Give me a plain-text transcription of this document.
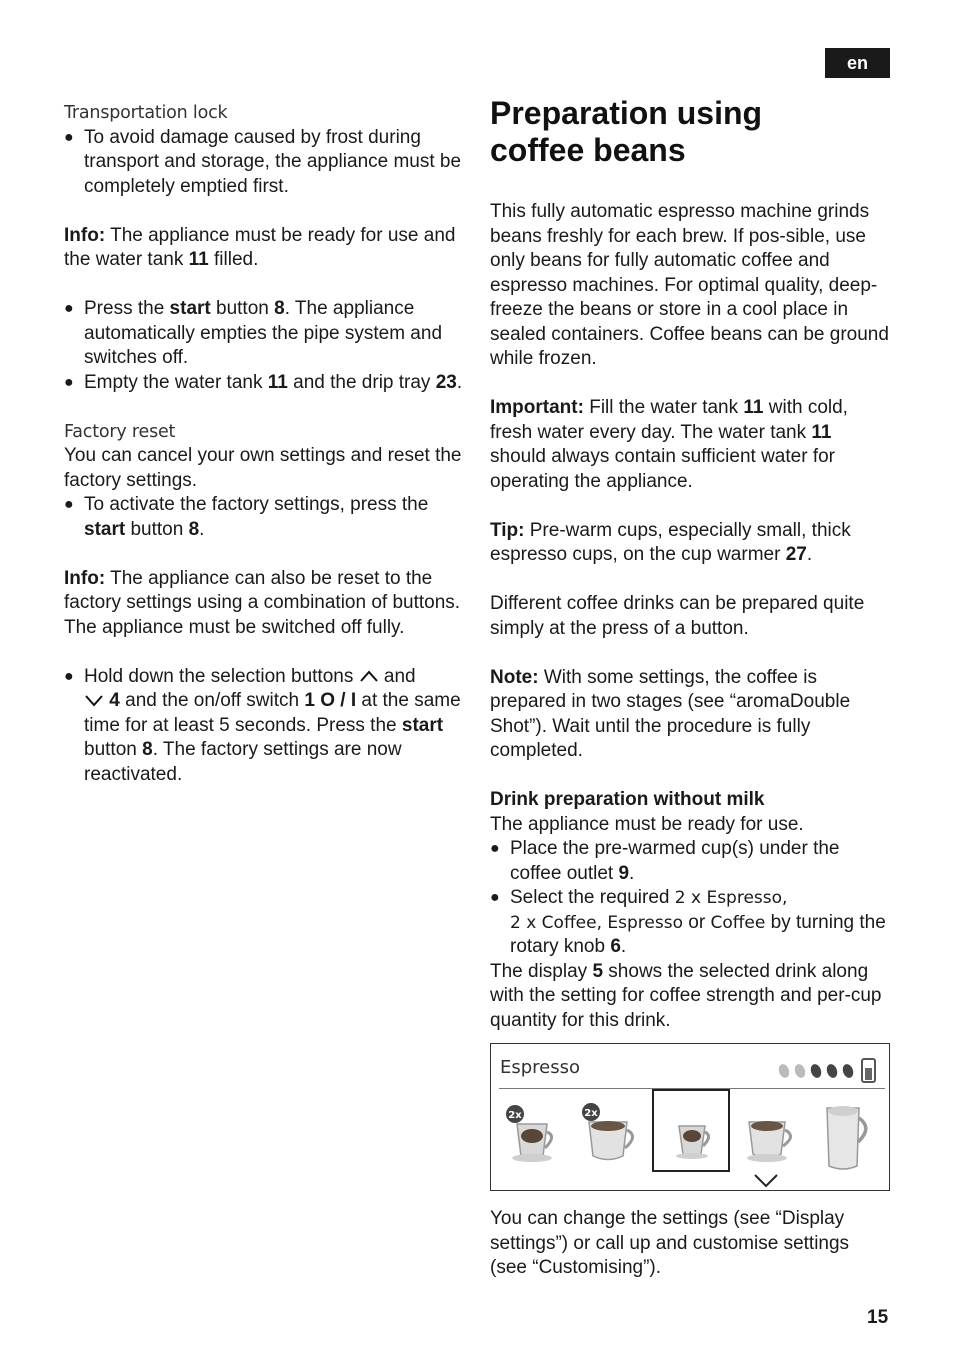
en
Transportation lock
● To avoid damage caused by frost during transport and storage, the appliance must be completely emptied first.

Info: The appliance must be ready for use and the water tank 11 filled.

● Press the start button 8. The appliance automatically empties the pipe system and switches off.
● Empty the water tank 11 and the drip tray 23.
Factory reset

You can cancel your own settings and reset the factory settings.

● To activate the factory settings, press the start button 8.

Info: The appliance can also be reset to the factory settings using a combination of buttons. The appliance must be switched off fully.

● Hold down the selection buttons  and
4 and the on/off switch 1 O / I at the same time for at least 5 seconds. Press the start button 8. The factory settings are now reactivated.
Preparation using
coffee beans

This fully automatic espresso machine grinds beans freshly for each brew. If pos-sible, use only beans for fully automatic coffee and espresso machines. For optimal quality, deep-freeze the beans or store in a cool place in sealed containers. Coffee beans can be ground while frozen.

Important: Fill the water tank 11 with cold, fresh water every day. The water tank 11 should always contain sufficient water for operating the appliance.

Tip: Pre-warm cups, especially small, thick espresso cups, on the cup warmer 27.

Different coffee drinks can be prepared quite simply at the press of a button.

Note: With some settings, the coffee is prepared in two stages (see “aromaDouble Shot”). Wait until the procedure is fully completed.

Drink preparation without milk

The appliance must be ready for use.

● Place the pre-warmed cup(s) under the coffee outlet 9.
● Select the required 2 x Espresso,
2 x Coffee, Espresso or Coffee by turning the rotary knob 6.

The display 5 shows the selected drink along with the setting for coffee strength and per-cup quantity for this drink.

Espresso
2x	2x

You can change the settings (see “Display settings”) or call up and customise settings (see “Customising”).

15
